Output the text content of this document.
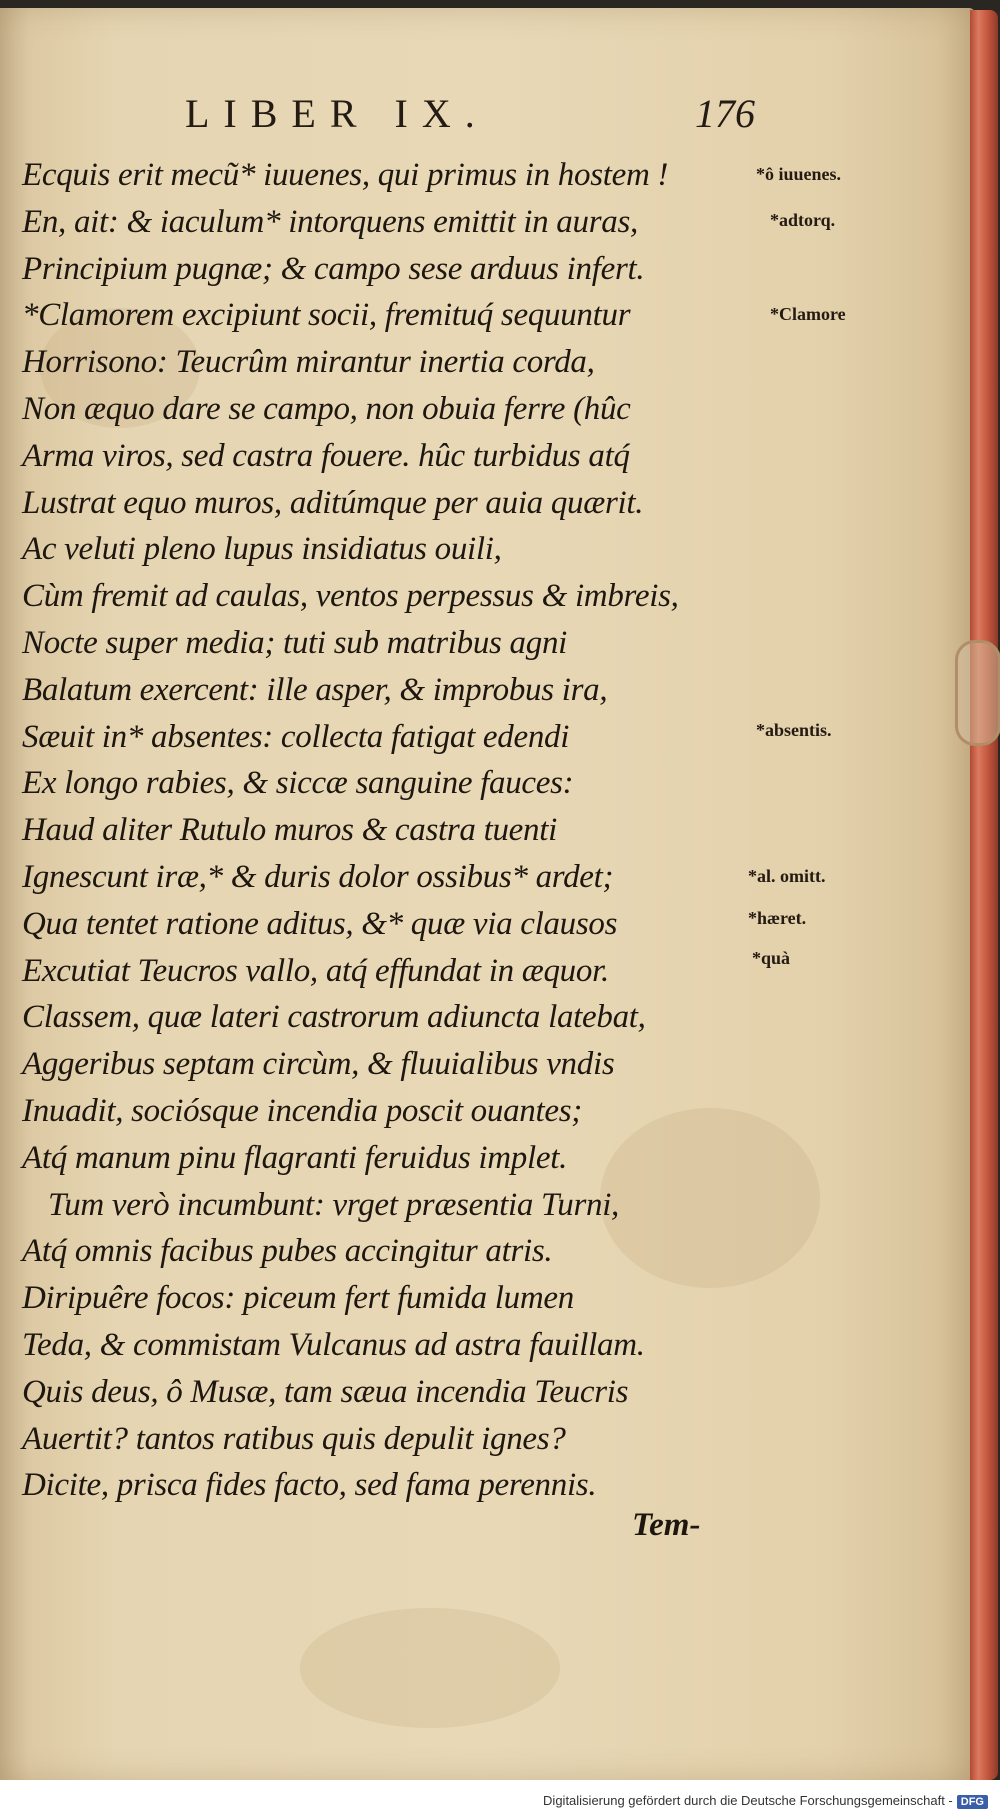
LIBER IX.	176
Ecquis erit mecũ* iuuenes, qui primus in hostem !
En, ait: & iaculum* intorquens emittit in auras,
Principium pugnæ; & campo sese arduus infert.
*Clamorem excipiunt socii, fremituq́ sequuntur
Horrisono: Teucrûm mirantur inertia corda,
Non æquo dare se campo, non obuia ferre (hûc
Arma viros, sed castra fouere. hûc turbidus atq́
Lustrat equo muros, aditúmque per auia quærit.
Ac veluti pleno lupus insidiatus ouili,
Cùm fremit ad caulas, ventos perpessus & imbreis,
Nocte super media; tuti sub matribus agni
Balatum exercent: ille asper, & improbus ira,
Sæuit in* absentes: collecta fatigat edendi
Ex longo rabies, & siccæ sanguine fauces:
Haud aliter Rutulo muros & castra tuenti
Ignescunt iræ,* & duris dolor ossibus* ardet;
Qua tentet ratione aditus, &* quæ via clausos
Excutiat Teucros vallo, atq́ effundat in æquor.
Classem, quæ lateri castrorum adiuncta latebat,
Aggeribus septam circùm, & fluuialibus vndis
Inuadit, sociósque incendia poscit ouantes;
Atq́ manum pinu flagranti feruidus implet.
Tum verò incumbunt: vrget præsentia Turni,
Atq́ omnis facibus pubes accingitur atris.
Diripuêre focos: piceum fert fumida lumen
Teda, & commistam Vulcanus ad astra fauillam.
Quis deus, ô Musæ, tam sæua incendia Teucris
Auertit? tantos ratibus quis depulit ignes?
Dicite, prisca fides facto, sed fama perennis.
Tem-
*ô iuuenes.
*adtorq.
*Clamore
*absentis.
*al. omitt.
*hæret.
*quà
Digitalisierung gefördert durch die Deutsche Forschungsgemeinschaft - DFG
